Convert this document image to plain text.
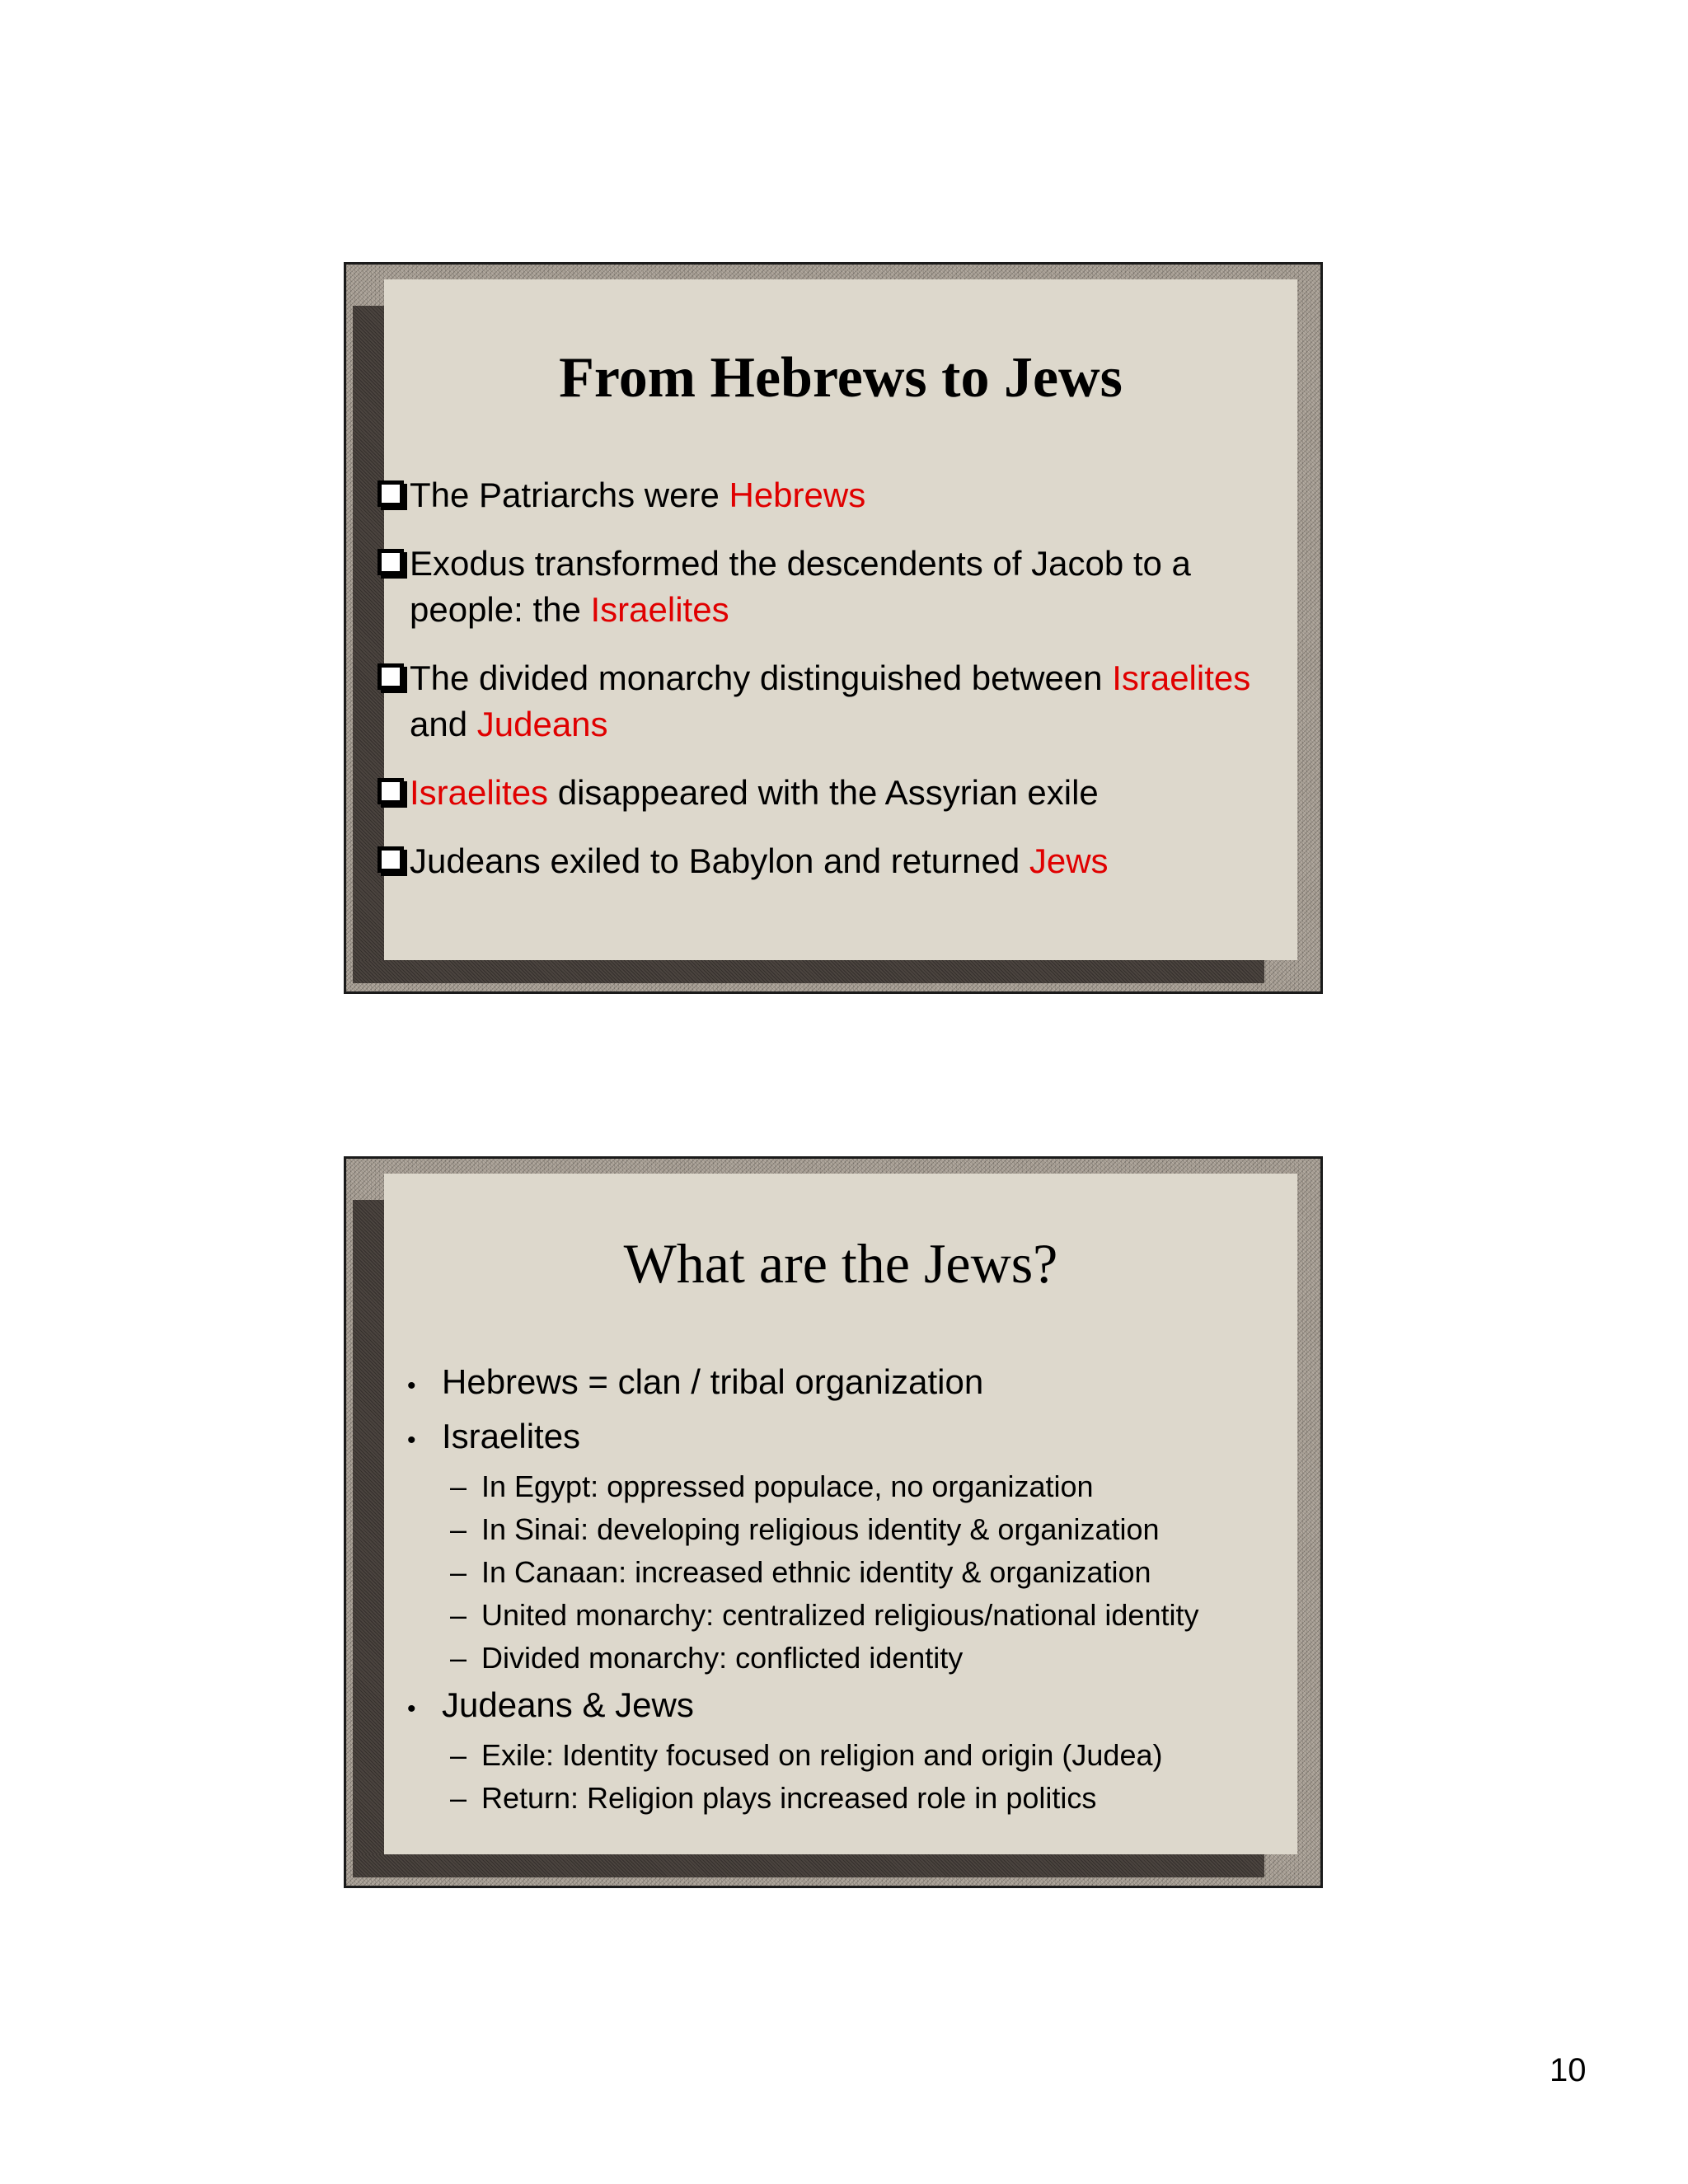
From Hebrews to Jews
The Patriarchs were Hebrews
Exodus transformed the descendents of Jacob to a people: the Israelites
The divided monarchy distinguished between Israelites and Judeans
Israelites disappeared with the Assyrian exile
Judeans exiled to Babylon and returned Jews
What are the Jews?
• Hebrews = clan / tribal organization
• Israelites
– In Egypt: oppressed populace, no organization
– In Sinai: developing religious identity & organization
– In Canaan: increased ethnic identity & organization
– United monarchy: centralized religious/national identity
– Divided monarchy: conflicted identity
• Judeans & Jews
– Exile: Identity focused on religion and origin (Judea)
– Return: Religion plays increased role in politics
10
